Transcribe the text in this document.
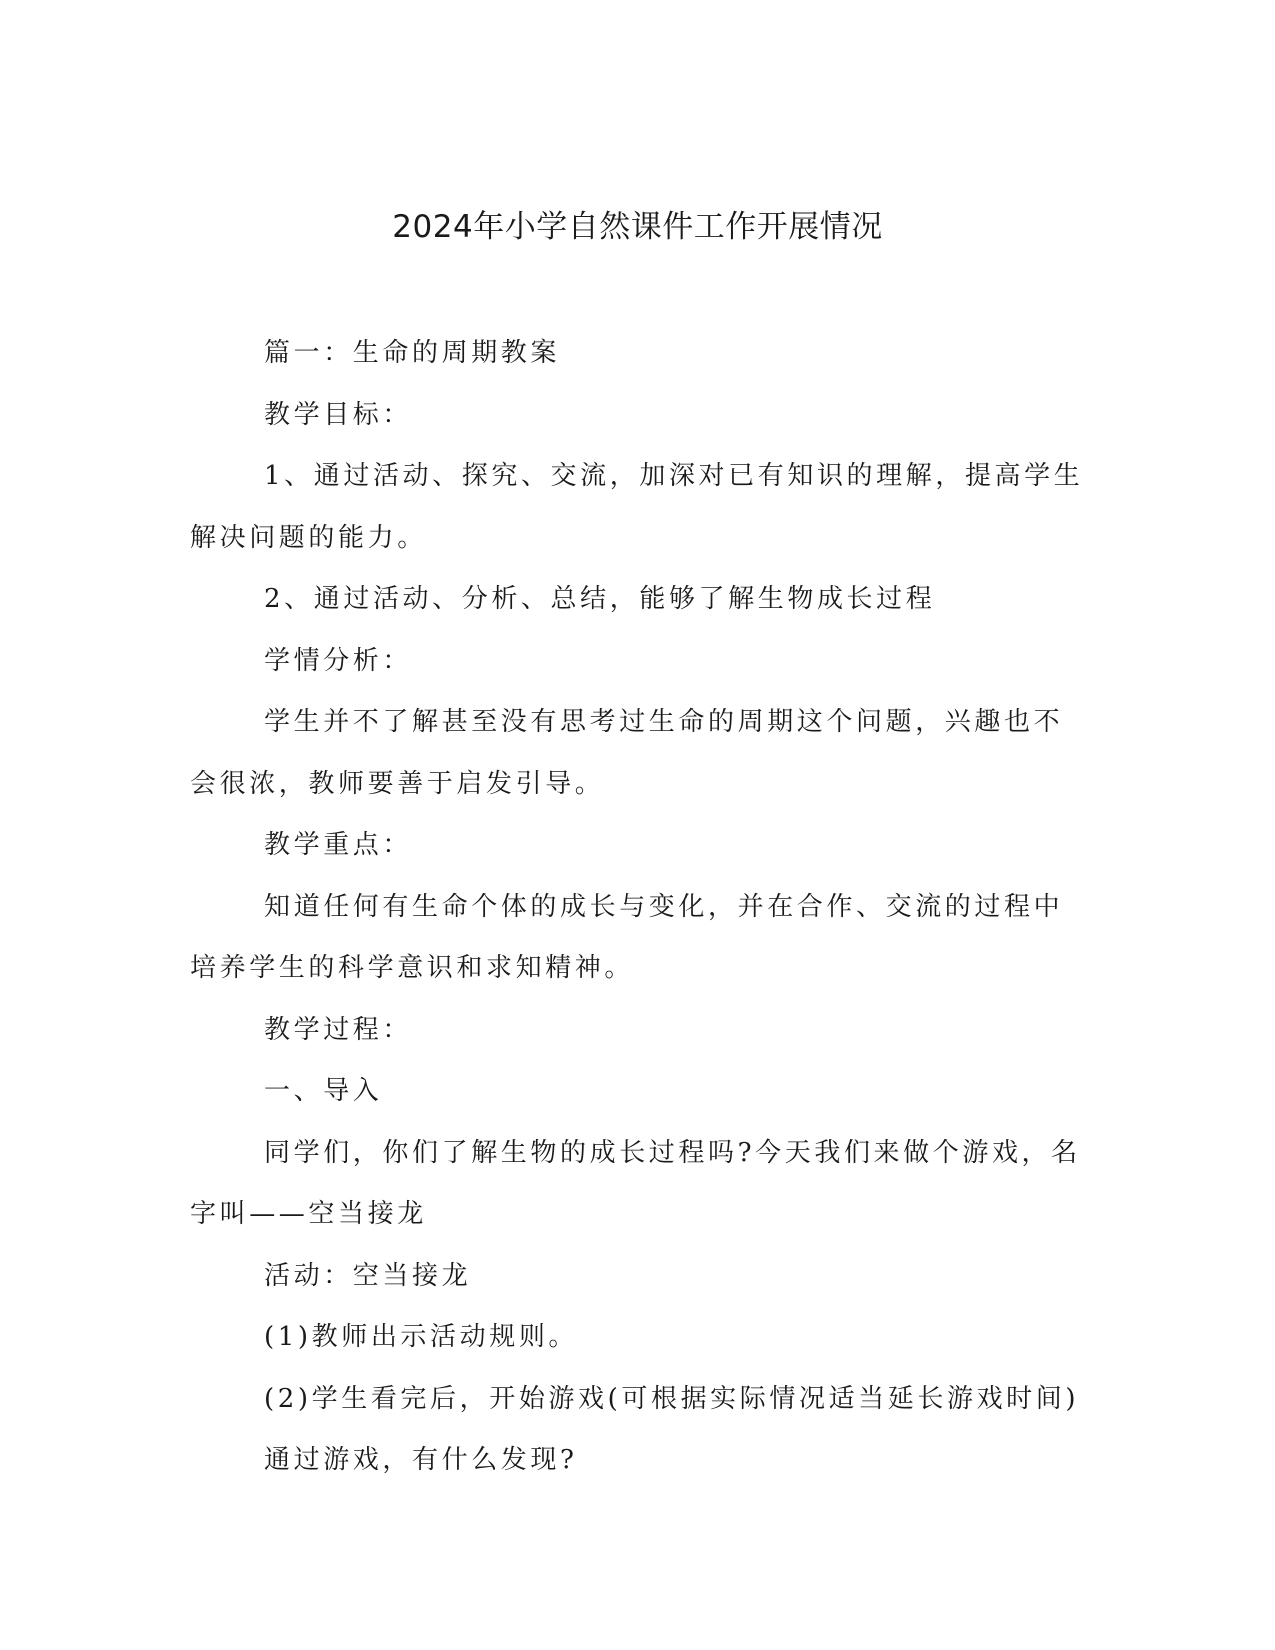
2024年小学自然课件工作开展情况

篇一：生命的周期教案

教学目标：

1、通过活动、探究、交流，加深对已有知识的理解，提高学生解决问题的能力。

2、通过活动、分析、总结，能够了解生物成长过程

学情分析：

学生并不了解甚至没有思考过生命的周期这个问题，兴趣也不会很浓，教师要善于启发引导。

教学重点：

知道任何有生命个体的成长与变化，并在合作、交流的过程中培养学生的科学意识和求知精神。

教学过程：

一、导入

同学们，你们了解生物的成长过程吗?今天我们来做个游戏，名字叫——空当接龙

活动：空当接龙

(1)教师出示活动规则。

(2)学生看完后，开始游戏(可根据实际情况适当延长游戏时间)

通过游戏，有什么发现?
